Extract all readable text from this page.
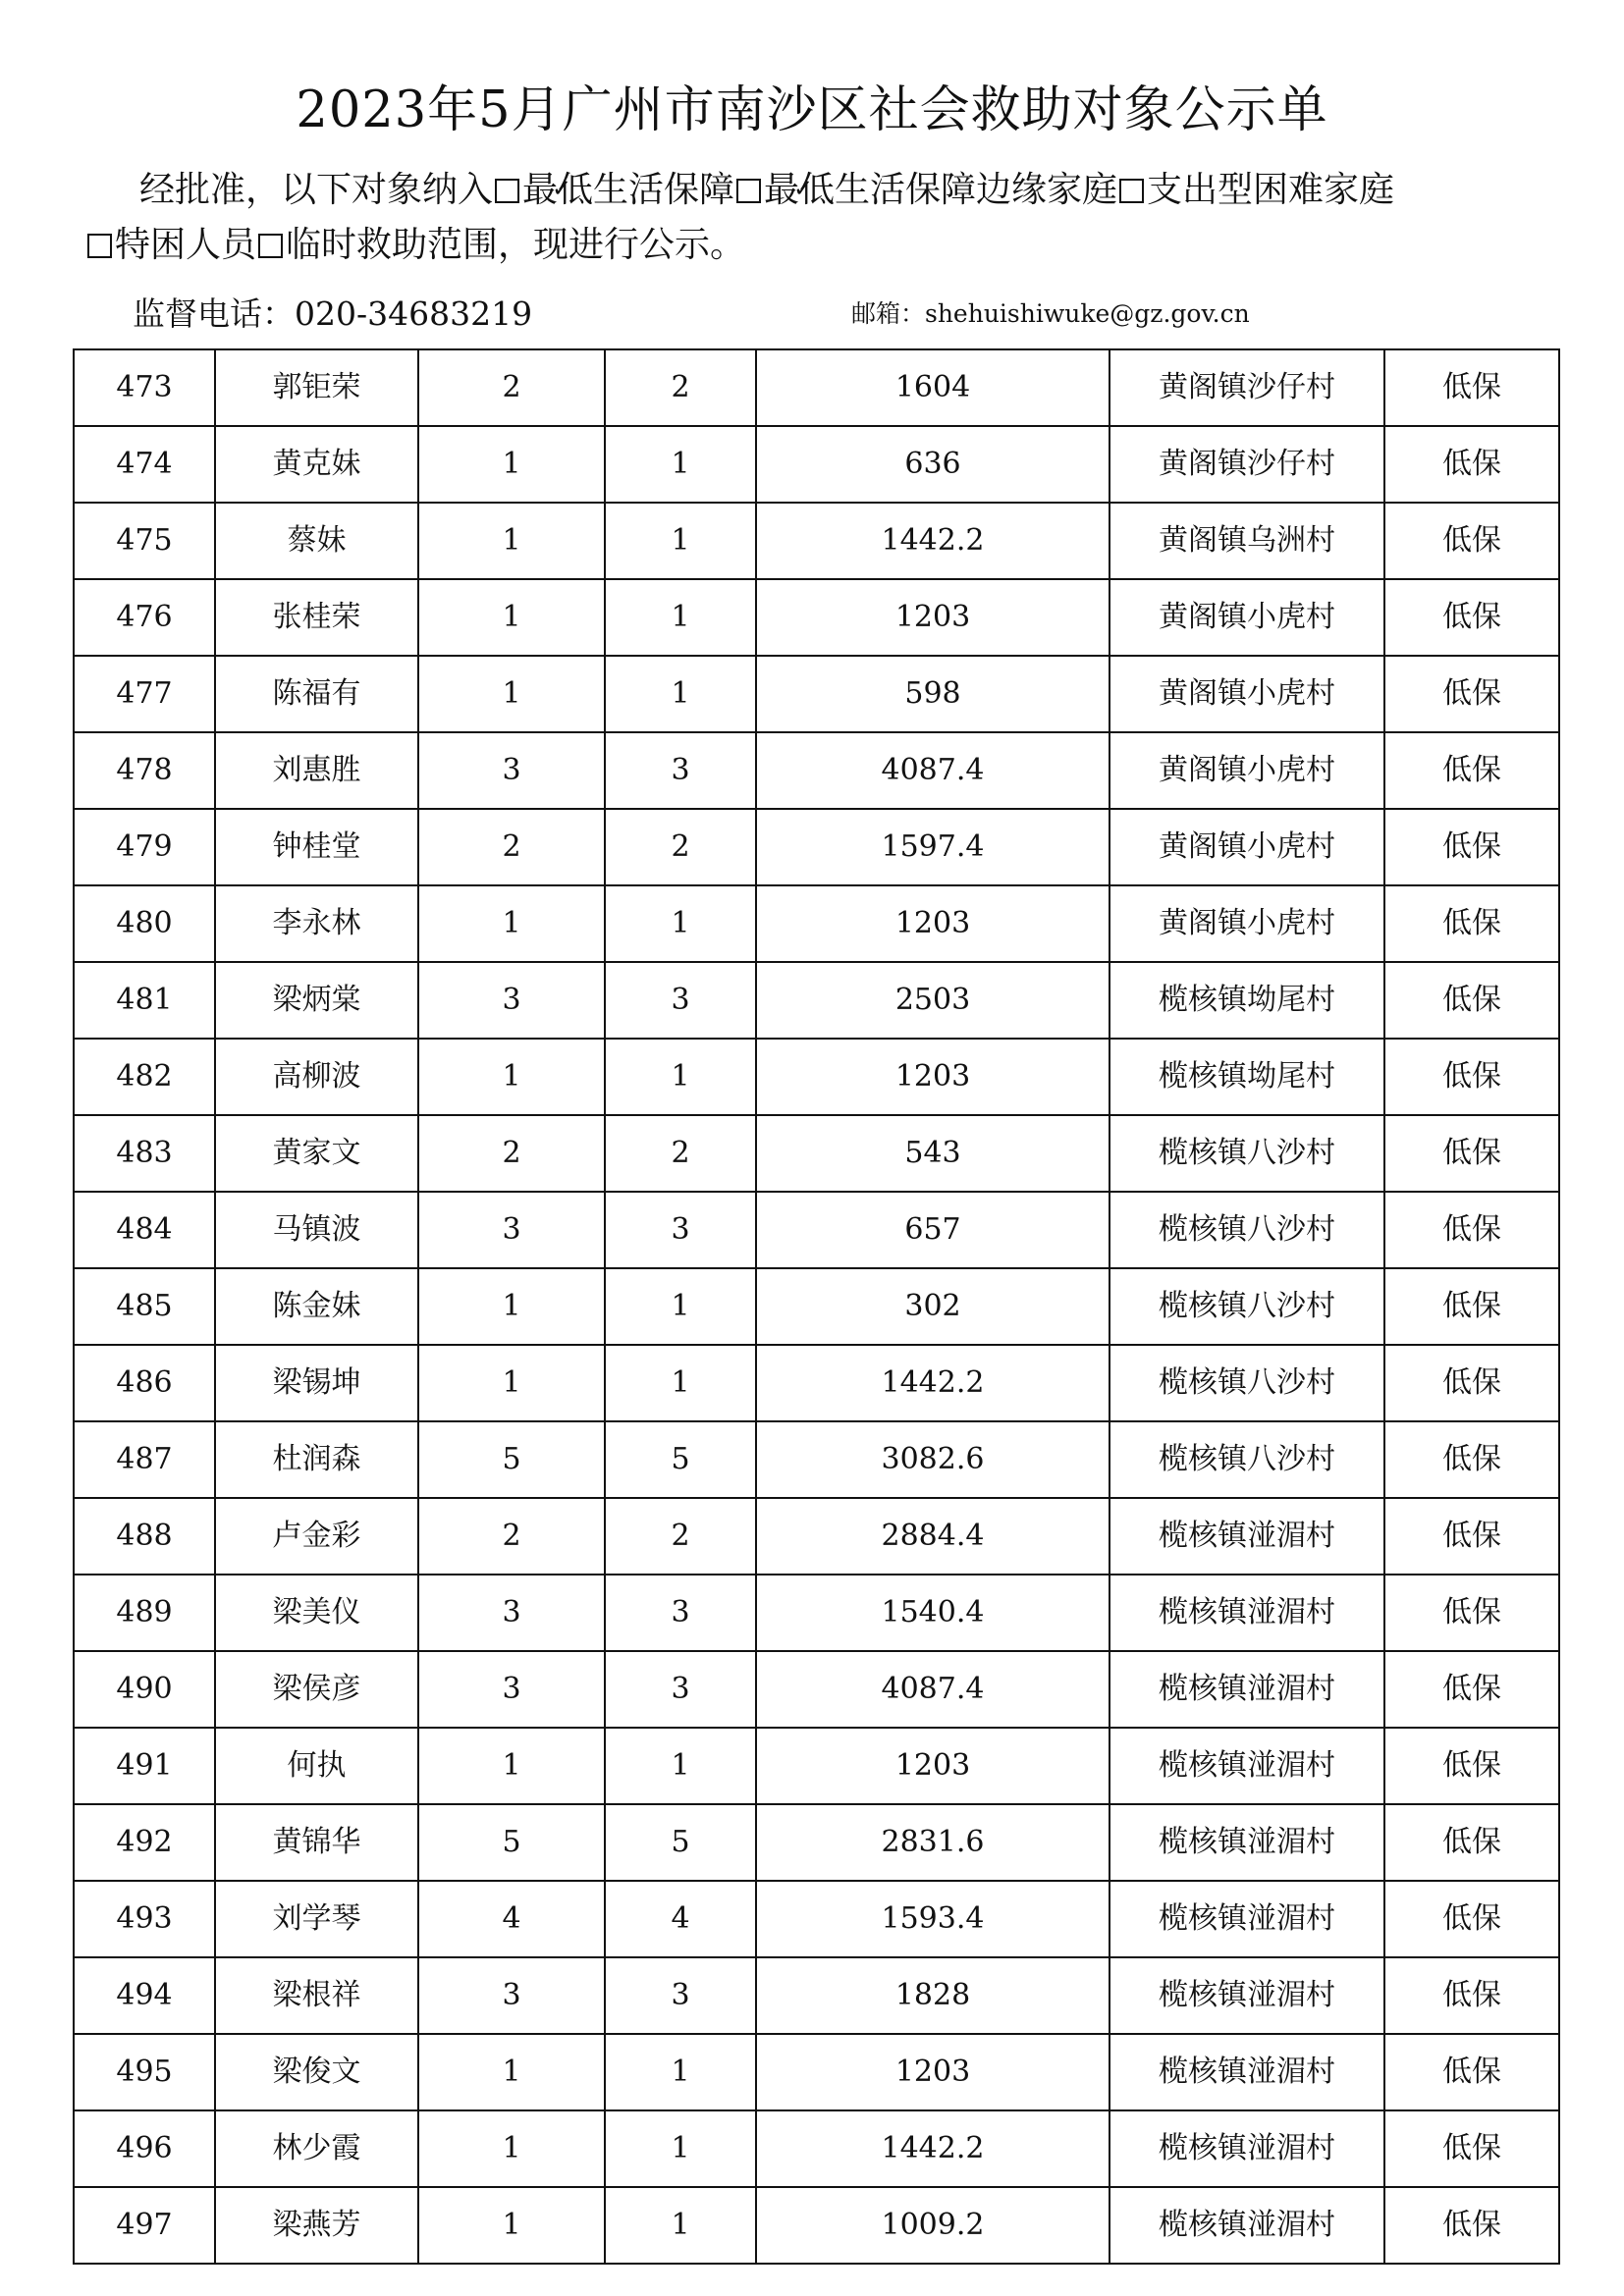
2023年5月广州市南沙区社会救助对象公示单
经批准，以下对象纳入 ✓ 最低生活保障 ✓ 最低生活保障边缘家庭 支出型困难家庭
特困人员 临时救助范围，现进行公示。
监督电话：020-34683219	邮箱：shehuishiwuke@gz.gov.cn
473	郭钜荣	2	2	1604	黄阁镇沙仔村	低保
474	黄克妹	1	1	636	黄阁镇沙仔村	低保
475	蔡妹	1	1	1442.2	黄阁镇乌洲村	低保
476	张桂荣	1	1	1203	黄阁镇小虎村	低保
477	陈福有	1	1	598	黄阁镇小虎村	低保
478	刘惠胜	3	3	4087.4	黄阁镇小虎村	低保
479	钟桂堂	2	2	1597.4	黄阁镇小虎村	低保
480	李永林	1	1	1203	黄阁镇小虎村	低保
481	梁炳棠	3	3	2503	榄核镇坳尾村	低保
482	高柳波	1	1	1203	榄核镇坳尾村	低保
483	黄家文	2	2	543	榄核镇八沙村	低保
484	马镇波	3	3	657	榄核镇八沙村	低保
485	陈金妹	1	1	302	榄核镇八沙村	低保
486	梁锡坤	1	1	1442.2	榄核镇八沙村	低保
487	杜润森	5	5	3082.6	榄核镇八沙村	低保
488	卢金彩	2	2	2884.4	榄核镇湴湄村	低保
489	梁美仪	3	3	1540.4	榄核镇湴湄村	低保
490	梁侯彦	3	3	4087.4	榄核镇湴湄村	低保
491	何执	1	1	1203	榄核镇湴湄村	低保
492	黄锦华	5	5	2831.6	榄核镇湴湄村	低保
493	刘学琴	4	4	1593.4	榄核镇湴湄村	低保
494	梁根祥	3	3	1828	榄核镇湴湄村	低保
495	梁俊文	1	1	1203	榄核镇湴湄村	低保
496	林少霞	1	1	1442.2	榄核镇湴湄村	低保
497	梁燕芳	1	1	1009.2	榄核镇湴湄村	低保
